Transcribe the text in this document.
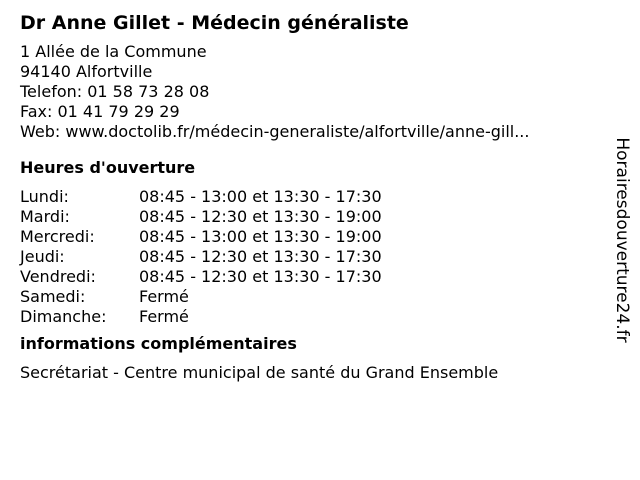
Dr Anne Gillet - Médecin généraliste
1 Allée de la Commune
94140 Alfortville
Telefon: 01 58 73 28 08
Fax: 01 41 79 29 29
Web: www.doctolib.fr/médecin-generaliste/alfortville/anne-gill...
Heures d'ouverture
Lundi:	08:45 - 13:00 et 13:30 - 17:30
Mardi:	08:45 - 12:30 et 13:30 - 19:00
Mercredi:	08:45 - 13:00 et 13:30 - 19:00
Jeudi:	08:45 - 12:30 et 13:30 - 17:30
Vendredi:	08:45 - 12:30 et 13:30 - 17:30
Samedi:	Fermé
Dimanche:	Fermé
informations complémentaires
Secrétariat - Centre municipal de santé du Grand Ensemble
Horairesdouverture24.fr
